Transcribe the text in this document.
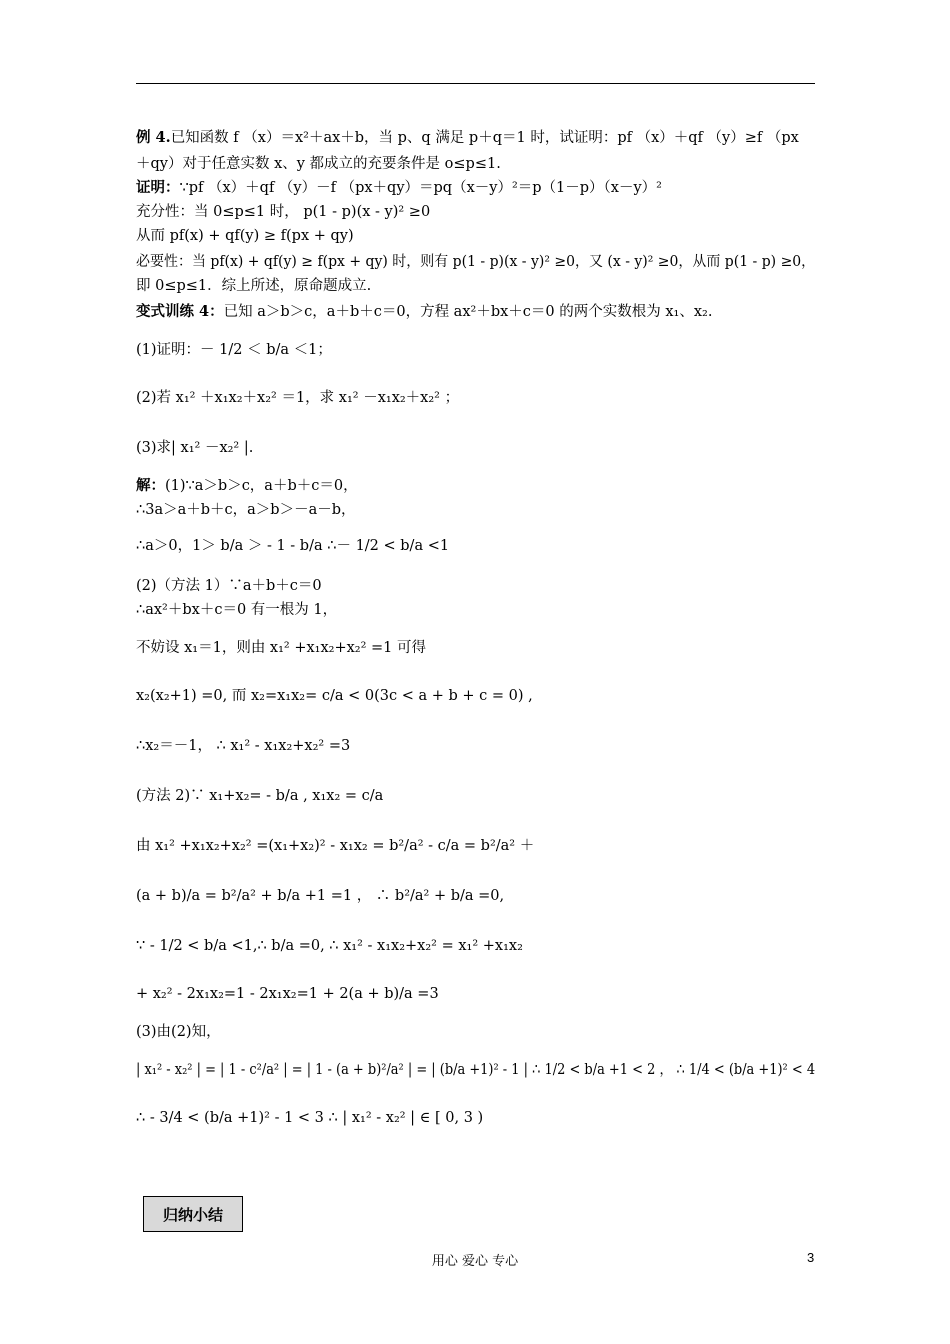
例 4.已知函数 f （x）＝x²＋ax＋b，当 p、q 满足 p＋q＝1 时，试证明：pf （x）＋qf （y）≥f （px
＋qy）对于任意实数 x、y 都成立的充要条件是 o≤p≤1.
证明：∵pf （x）＋qf （y）－f （px＋qy）＝pq（x－y）²＝p（1－p）（x－y）²
充分性：当 0≤p≤1 时， p(1 - p)(x - y)² ≥0
从而 pf(x) + qf(y) ≥ f(px + qy)
必要性：当 pf(x) + qf(y) ≥ f(px + qy) 时，则有 p(1 - p)(x - y)² ≥0，又 (x - y)² ≥0，从而 p(1 - p) ≥0，
即 0≤p≤1．综上所述，原命题成立.
变式训练 4：已知 a＞b＞c，a＋b＋c＝0，方程 ax²＋bx＋c＝0 的两个实数根为 x₁、x₂.
(1)证明：－ 1/2 ＜ b/a ＜1；
(2)若 x₁² ＋x₁x₂＋x₂² ＝1，求 x₁² －x₁x₂＋x₂² ；
(3)求| x₁² －x₂² |.
解：(1)∵a＞b＞c，a＋b＋c＝0，
∴3a＞a＋b＋c，a＞b＞－a－b，
∴a＞0，1＞ b/a ＞ - 1 - b/a ∴－ 1/2 < b/a <1
(2)（方法 1）∵a＋b＋c＝0
∴ax²＋bx＋c＝0 有一根为 1，
不妨设 x₁＝1，则由 x₁² +x₁x₂+x₂² =1 可得
x₂(x₂+1) =0, 而 x₂=x₁x₂= c/a < 0(3c < a + b + c = 0) ,
∴x₂＝－1， ∴ x₁² - x₁x₂+x₂² =3
(方法 2)∵ x₁+x₂= - b/a , x₁x₂ = c/a
由 x₁² +x₁x₂+x₂² =(x₁+x₂)² - x₁x₂ = b²/a² - c/a = b²/a² ＋
(a + b)/a = b²/a² + b/a +1 =1 ， ∴ b²/a² + b/a =0,
∵ - 1/2 < b/a <1,∴ b/a =0, ∴ x₁² - x₁x₂+x₂² = x₁² +x₁x₂
+ x₂² - 2x₁x₂=1 - 2x₁x₂=1 + 2(a + b)/a =3
(3)由(2)知，
| x₁² - x₂² | = | 1 - c²/a² | = | 1 - (a + b)²/a² | = | (b/a +1)² - 1 | ∴ 1/2 < b/a +1 < 2 ， ∴ 1/4 < (b/a +1)² < 4
∴ - 3/4 < (b/a +1)² - 1 < 3 ∴ | x₁² - x₂² | ∈ [ 0, 3 )
归纳小结
用心 爱心 专心	3
